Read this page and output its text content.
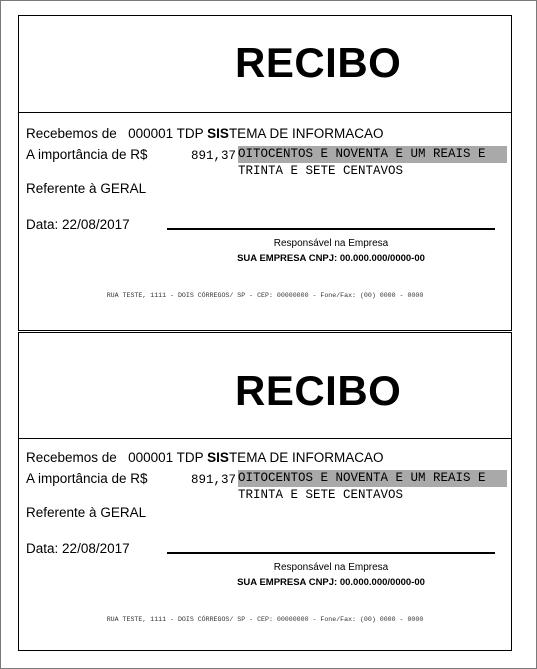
RECIBO
Recebemos de 000001 TDP SISTEMA DE INFORMACAO
A importância de R$	891,37 OITOCENTOS E NOVENTA E UM REAIS E
TRINTA E SETE CENTAVOS
Referente à GERAL
Data: 22/08/2017
Responsável na Empresa
SUA EMPRESA CNPJ: 00.000.000/0000-00
RUA TESTE, 1111 - DOIS CÓRREGOS/ SP - CEP: 00000000 - Fone/Fax: (00) 0000 - 0000
RECIBO
Recebemos de 000001 TDP SISTEMA DE INFORMACAO
A importância de R$	891,37 OITOCENTOS E NOVENTA E UM REAIS E
TRINTA E SETE CENTAVOS
Referente à GERAL
Data: 22/08/2017
Responsável na Empresa
SUA EMPRESA CNPJ: 00.000.000/0000-00
RUA TESTE, 1111 - DOIS CÓRREGOS/ SP - CEP: 00000000 - Fone/Fax: (00) 0000 - 0000
